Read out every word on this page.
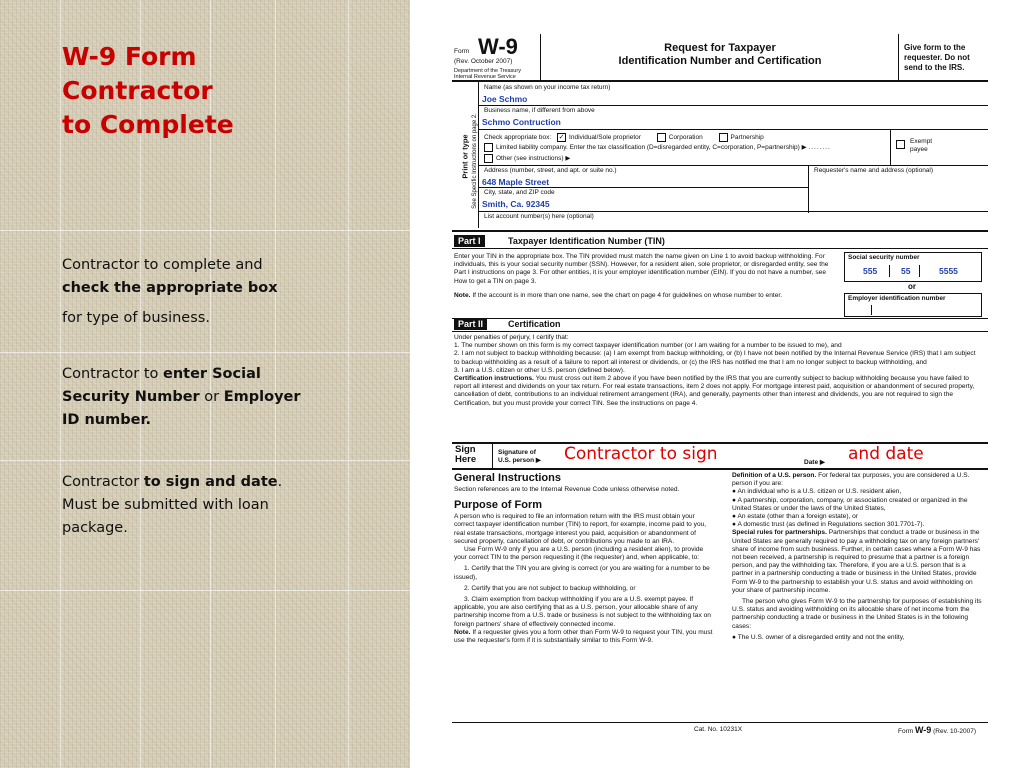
W-9 Form
Contractor
to Complete
Contractor to complete and
check the appropriate box
for type of business.
Contractor to enter Social Security Number or Employer ID number.
Contractor to sign and date. Must be submitted with loan package.
Form W-9
(Rev. October 2007)
Department of the Treasury
Internal Revenue Service
Request for Taxpayer
Identification Number and Certification
Give form to the
requester. Do not
send to the IRS.
Print or type See Specific Instructions on page 2.
Name (as shown on your income tax return)
Joe Schmo
Business name, if different from above
Schmo Contruction
Check appropriate box: ✓ Individual/Sole proprietor	Corporation	Partnership
Limited liability company. Enter the tax classification (D=disregarded entity, C=corporation, P=partnership) ▶ ........
Other (see instructions) ▶
Exempt payee
Address (number, street, and apt. or suite no.)
648 Maple Street
Requester's name and address (optional)
City, state, and ZIP code
Smith, Ca. 92345
List account number(s) here (optional)
Part I	Taxpayer Identification Number (TIN)
Enter your TIN in the appropriate box. The TIN provided must match the name given on Line 1 to avoid backup withholding. For individuals, this is your social security number (SSN). However, for a resident alien, sole proprietor, or disregarded entity, see the Part I instructions on page 3. For other entities, it is your employer identification number (EIN). If you do not have a number, see How to get a TIN on page 3.
Note. If the account is in more than one name, see the chart on page 4 for guidelines on whose number to enter.
Social security number
555	55	5555
or
Employer identification number
Part II	Certification
Under penalties of perjury, I certify that:
1. The number shown on this form is my correct taxpayer identification number (or I am waiting for a number to be issued to me), and
2. I am not subject to backup withholding because: (a) I am exempt from backup withholding, or (b) I have not been notified by the Internal Revenue Service (IRS) that I am subject to backup withholding as a result of a failure to report all interest or dividends, or (c) the IRS has notified me that I am no longer subject to backup withholding, and
3. I am a U.S. citizen or other U.S. person (defined below).
Certification instructions. You must cross out item 2 above if you have been notified by the IRS that you are currently subject to backup withholding because you have failed to report all interest and dividends on your tax return. For real estate transactions, item 2 does not apply. For mortgage interest paid, acquisition or abandonment of secured property, cancellation of debt, contributions to an individual retirement arrangement (IRA), and generally, payments other than interest and dividends, you are not required to sign the Certification, but you must provide your correct TIN. See the instructions on page 4.
Sign
Here
Signature of
U.S. person ▶	Date ▶
General Instructions
Section references are to the Internal Revenue Code unless otherwise noted.
Purpose of Form
A person who is required to file an information return with the IRS must obtain your correct taxpayer identification number (TIN) to report, for example, income paid to you, real estate transactions, mortgage interest you paid, acquisition or abandonment of secured property, cancellation of debt, or contributions you made to an IRA.
Use Form W-9 only if you are a U.S. person (including a resident alien), to provide your correct TIN to the person requesting it (the requester) and, when applicable, to:
1. Certify that the TIN you are giving is correct (or you are waiting for a number to be issued),
2. Certify that you are not subject to backup withholding, or
3. Claim exemption from backup withholding if you are a U.S. exempt payee. If applicable, you are also certifying that as a U.S. person, your allocable share of any partnership income from a U.S. trade or business is not subject to the withholding tax on foreign partners' share of effectively connected income.
Note. If a requester gives you a form other than Form W-9 to request your TIN, you must use the requester's form if it is substantially similar to this Form W-9.
Definition of a U.S. person. For federal tax purposes, you are considered a U.S. person if you are:
● An individual who is a U.S. citizen or U.S. resident alien,
● A partnership, corporation, company, or association created or organized in the United States or under the laws of the United States,
● An estate (other than a foreign estate), or
● A domestic trust (as defined in Regulations section 301.7701-7).
Special rules for partnerships. Partnerships that conduct a trade or business in the United States are generally required to pay a withholding tax on any foreign partners' share of income from such business. Further, in certain cases where a Form W-9 has not been received, a partnership is required to presume that a partner is a foreign person, and pay the withholding tax. Therefore, if you are a U.S. person that is a partner in a partnership conducting a trade or business in the United States, provide Form W-9 to the partnership to establish your U.S. status and avoid withholding on your share of partnership income.
The person who gives Form W-9 to the partnership for purposes of establishing its U.S. status and avoiding withholding on its allocable share of net income from the partnership conducting a trade or business in the United States is in the following cases:
● The U.S. owner of a disregarded entity and not the entity,
Cat. No. 10231X	Form W-9 (Rev. 10-2007)
Contractor to sign	and date
